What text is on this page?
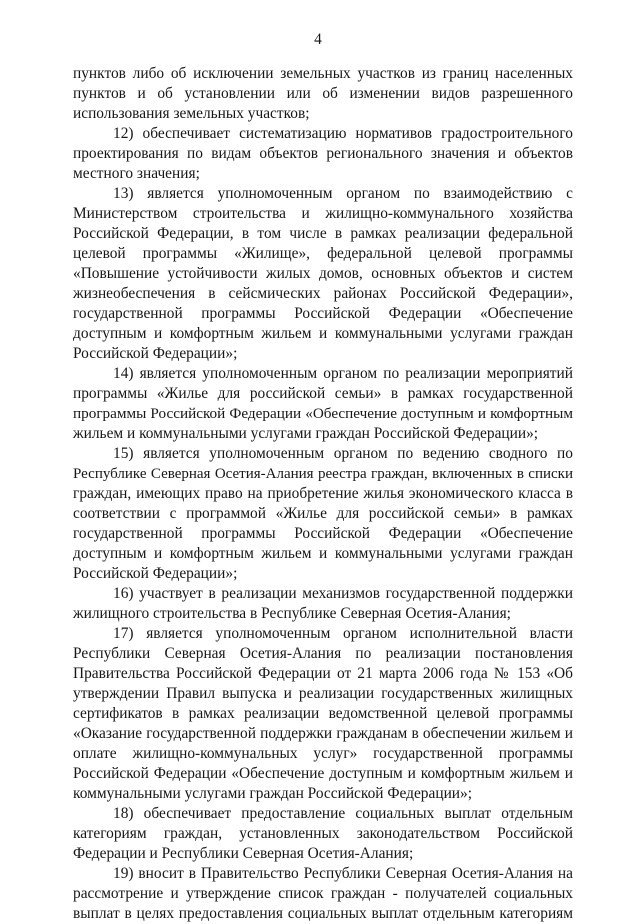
4
пунктов либо об исключении земельных участков из границ населенных
пунктов и об установлении или об изменении видов разрешенного
использования земельных участков;
12) обеспечивает систематизацию нормативов градостроительного
проектирования по видам объектов регионального значения и объектов
местного значения;
13) является уполномоченным органом по взаимодействию с
Министерством строительства и жилищно-коммунального хозяйства
Российской Федерации, в том числе в рамках реализации федеральной
целевой программы «Жилище», федеральной целевой программы
«Повышение устойчивости жилых домов, основных объектов и систем
жизнеобеспечения в сейсмических районах Российской Федерации»,
государственной программы Российской Федерации «Обеспечение
доступным и комфортным жильем и коммунальными услугами граждан
Российской Федерации»;
14) является уполномоченным органом по реализации мероприятий
программы «Жилье для российской семьи» в рамках государственной
программы Российской Федерации «Обеспечение доступным и комфортным
жильем и коммунальными услугами граждан Российской Федерации»;
15) является уполномоченным органом по ведению сводного по
Республике Северная Осетия-Алания реестра граждан, включенных в списки
граждан, имеющих право на приобретение жилья экономического класса в
соответствии с программой «Жилье для российской семьи» в рамках
государственной программы Российской Федерации «Обеспечение
доступным и комфортным жильем и коммунальными услугами граждан
Российской Федерации»;
16) участвует в реализации механизмов государственной поддержки
жилищного строительства в Республике Северная Осетия-Алания;
17) является уполномоченным органом исполнительной власти
Республики Северная Осетия-Алания по реализации постановления
Правительства Российской Федерации от 21 марта 2006 года № 153 «Об
утверждении Правил выпуска и реализации государственных жилищных
сертификатов в рамках реализации ведомственной целевой программы
«Оказание государственной поддержки гражданам в обеспечении жильем и
оплате жилищно-коммунальных услуг» государственной программы
Российской Федерации «Обеспечение доступным и комфортным жильем и
коммунальными услугами граждан Российской Федерации»;
18) обеспечивает предоставление социальных выплат отдельным
категориям граждан, установленных законодательством Российской
Федерации и Республики Северная Осетия-Алания;
19) вносит в Правительство Республики Северная Осетия-Алания на
рассмотрение и утверждение список граждан - получателей социальных
выплат в целях предоставления социальных выплат отдельным категориям
